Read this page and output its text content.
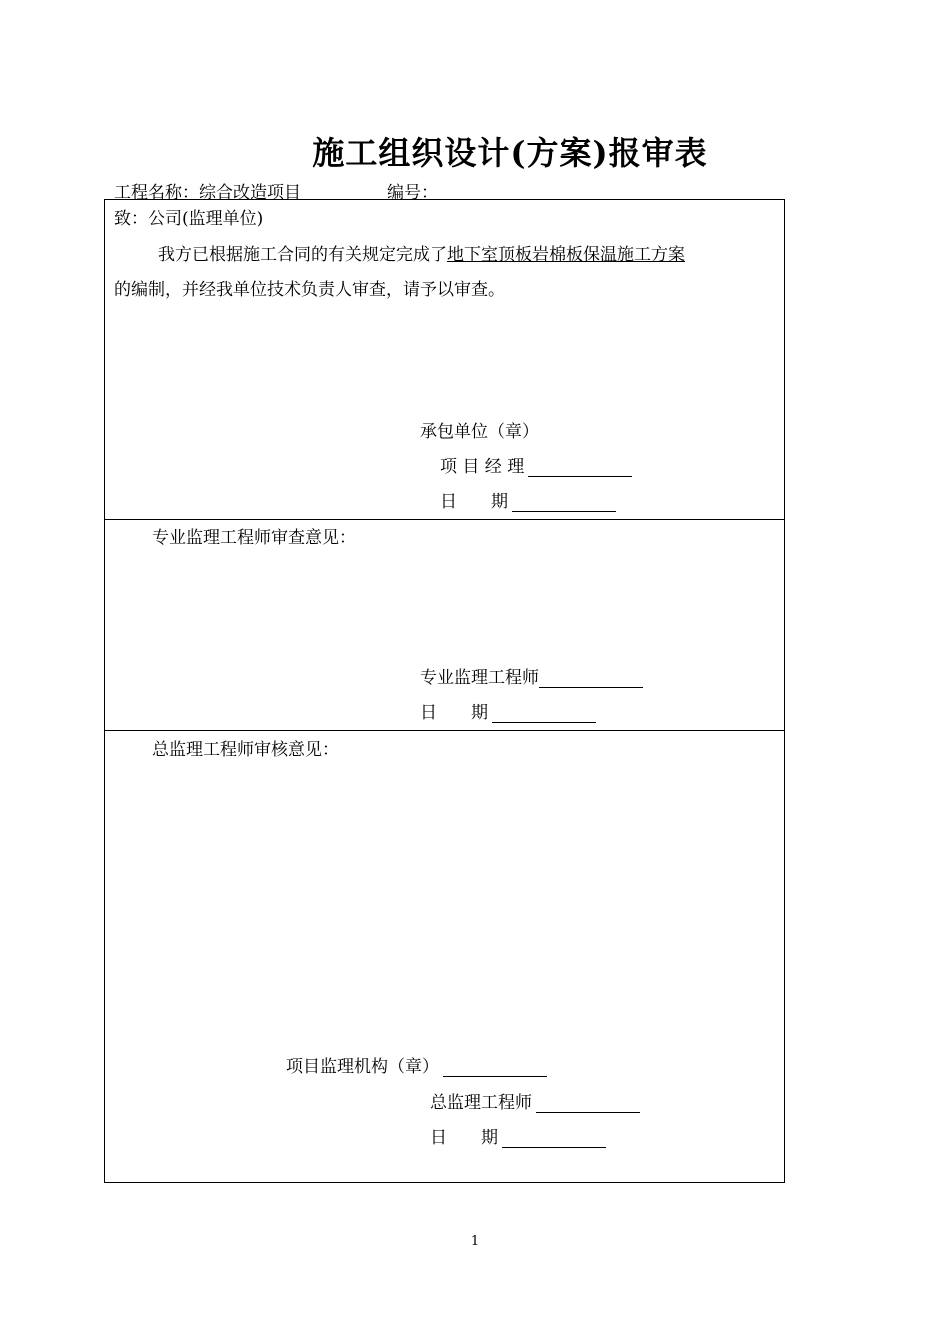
施工组织设计(方案)报审表
工程名称：综合改造项目	编号：
致：公司(监理单位)
我方已根据施工合同的有关规定完成了地下室顶板岩棉板保温施工方案
的编制，并经我单位技术负责人审查，请予以审查。
承包单位（章）
项 目 经 理
日　　期
专业监理工程师审查意见：
专业监理工程师
日　　期
总监理工程师审核意见：
项目监理机构（章）
总监理工程师
日　　期
1
